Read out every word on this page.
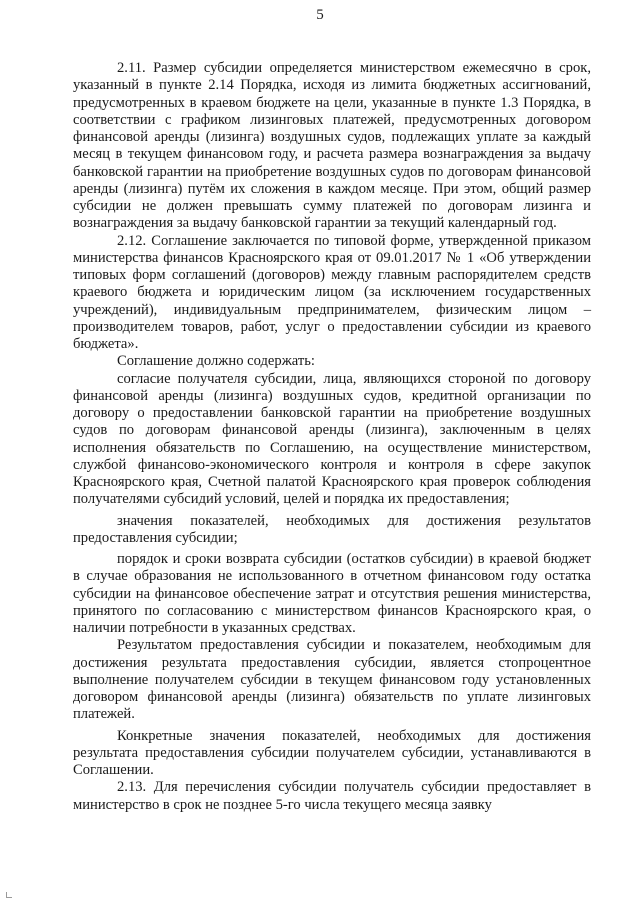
5

2.11. Размер субсидии определяется министерством ежемесячно в срок, указанный в пункте 2.14 Порядка, исходя из лимита бюджетных ассигнований, предусмотренных в краевом бюджете на цели, указанные в пункте 1.3 Порядка, в соответствии с графиком лизинговых платежей, предусмотренных договором финансовой аренды (лизинга) воздушных судов, подлежащих уплате за каждый месяц в текущем финансовом году, и расчета размера вознаграждения за выдачу банковской гарантии на приобретение воздушных судов по договорам финансовой аренды (лизинга) путём их сложения в каждом месяце. При этом, общий размер субсидии не должен превышать сумму платежей по договорам лизинга и вознаграждения за выдачу банковской гарантии за текущий календарный год.

2.12. Соглашение заключается по типовой форме, утвержденной приказом министерства финансов Красноярского края от 09.01.2017 № 1 «Об утверждении типовых форм соглашений (договоров) между главным распорядителем средств краевого бюджета и юридическим лицом (за исключением государственных учреждений), индивидуальным предпринимателем, физическим лицом – производителем товаров, работ, услуг о предоставлении субсидии из краевого бюджета».

Соглашение должно содержать:

согласие получателя субсидии, лица, являющихся стороной по договору финансовой аренды (лизинга) воздушных судов, кредитной организации по договору о предоставлении банковской гарантии на приобретение воздушных судов по договорам финансовой аренды (лизинга), заключенным в целях исполнения обязательств по Соглашению, на осуществление министерством, службой финансово-экономического контроля и контроля в сфере закупок Красноярского края, Счетной палатой Красноярского края проверок соблюдения получателями субсидий условий, целей и порядка их предоставления;

значения показателей, необходимых для достижения результатов предоставления субсидии;

порядок и сроки возврата субсидии (остатков субсидии) в краевой бюджет в случае образования не использованного в отчетном финансовом году остатка субсидии на финансовое обеспечение затрат и отсутствия решения министерства, принятого по согласованию с министерством финансов Красноярского края, о наличии потребности в указанных средствах.

Результатом предоставления субсидии и показателем, необходимым для достижения результата предоставления субсидии, является стопроцентное выполнение получателем субсидии в текущем финансовом году установленных договором финансовой аренды (лизинга) обязательств по уплате лизинговых платежей.

Конкретные значения показателей, необходимых для достижения результата предоставления субсидии получателем субсидии, устанавливаются в Соглашении.

2.13. Для перечисления субсидии получатель субсидии предоставляет в министерство в срок не позднее 5-го числа текущего месяца заявку
